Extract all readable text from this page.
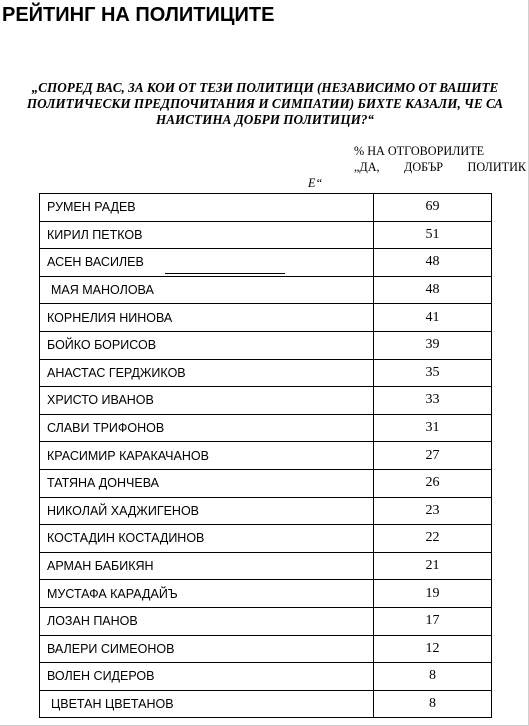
РЕЙТИНГ НА ПОЛИТИЦИТЕ
„СПОРЕД ВАС, ЗА КОИ ОТ ТЕЗИ ПОЛИТИЦИ (НЕЗАВИСИМО ОТ ВАШИТЕ ПОЛИТИЧЕСКИ ПРЕДПОЧИТАНИЯ И СИМПАТИИ) БИХТЕ КАЗАЛИ, ЧЕ СА НАИСТИНА ДОБРИ ПОЛИТИЦИ?“
% НА ОТГОВОРИЛИТЕ
„ДА, ДОБЪР ПОЛИТИК
Е“
РУМЕН РАДЕВ	69
КИРИЛ ПЕТКОВ	51
АСЕН ВАСИЛЕВ	48
МАЯ МАНОЛОВА	48
КОРНЕЛИЯ НИНОВА	41
БОЙКО БОРИСОВ	39
АНАСТАС ГЕРДЖИКОВ	35
ХРИСТО ИВАНОВ	33
СЛАВИ ТРИФОНОВ	31
КРАСИМИР КАРАКАЧАНОВ	27
ТАТЯНА ДОНЧЕВА	26
НИКОЛАЙ ХАДЖИГЕНОВ	23
КОСТАДИН КОСТАДИНОВ	22
АРМАН БАБИКЯН	21
МУСТАФА КАРАДАЙЪ	19
ЛОЗАН ПАНОВ	17
ВАЛЕРИ СИМЕОНОВ	12
ВОЛЕН СИДЕРОВ	8
ЦВЕТАН ЦВЕТАНОВ	8
